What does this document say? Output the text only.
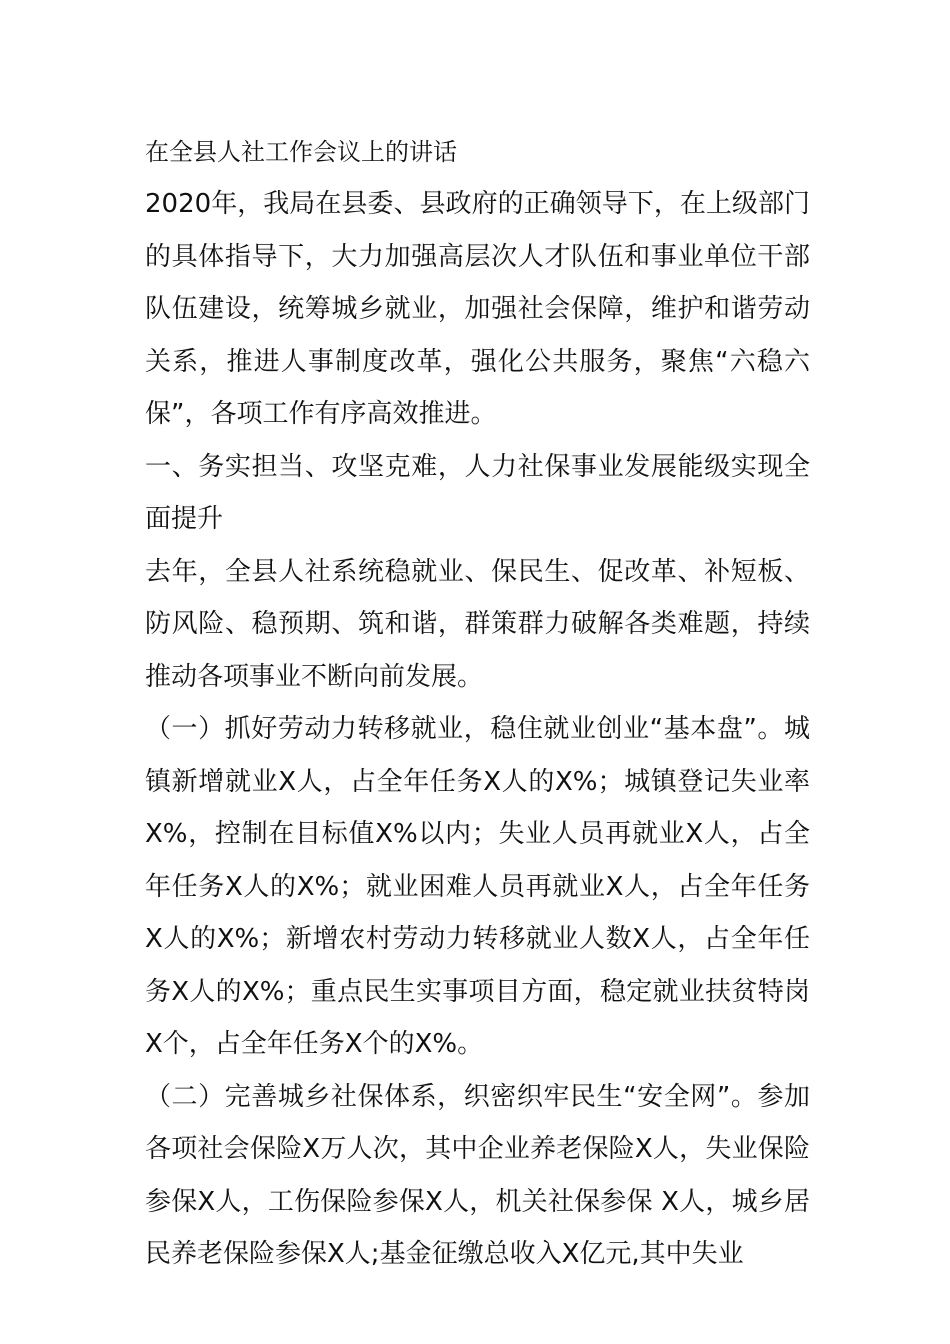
在全县人社工作会议上的讲话

2020年，我局在县委、县政府的正确领导下，在上级部门的具体指导下，大力加强高层次人才队伍和事业单位干部队伍建设，统筹城乡就业，加强社会保障，维护和谐劳动关系，推进人事制度改革，强化公共服务，聚焦“六稳六保”，各项工作有序高效推进。

一、务实担当、攻坚克难，人力社保事业发展能级实现全面提升

去年，全县人社系统稳就业、保民生、促改革、补短板、防风险、稳预期、筑和谐，群策群力破解各类难题，持续推动各项事业不断向前发展。

（一）抓好劳动力转移就业，稳住就业创业“基本盘”。城镇新增就业X人，占全年任务X人的X%；城镇登记失业率X%，控制在目标值X%以内；失业人员再就业X人，占全年任务X人的X%；就业困难人员再就业X人，占全年任务X人的X%；新增农村劳动力转移就业人数X人，占全年任务X人的X%；重点民生实事项目方面，稳定就业扶贫特岗X个，占全年任务X个的X%。

（二）完善城乡社保体系，织密织牢民生“安全网”。参加各项社会保险X万人次，其中企业养老保险X人，失业保险参保X人，工伤保险参保X人，机关社保参保 X人，城乡居民养老保险参保X人;基金征缴总收入X亿元,其中失业
